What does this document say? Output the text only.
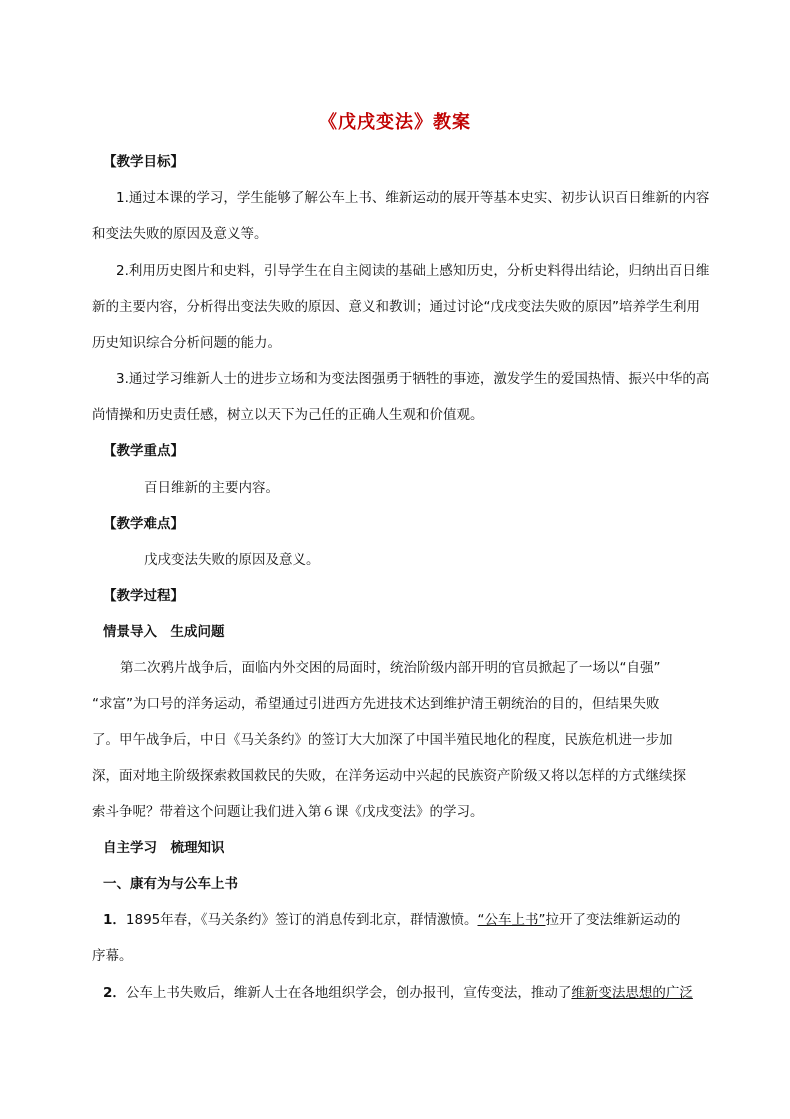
《戊戌变法》教案
【教学目标】
1.通过本课的学习，学生能够了解公车上书、维新运动的展开等基本史实、初步认识百日维新的内容
和变法失败的原因及意义等。
2.利用历史图片和史料，引导学生在自主阅读的基础上感知历史，分析史料得出结论，归纳出百日维
新的主要内容，分析得出变法失败的原因、意义和教训；通过讨论“戊戌变法失败的原因”培养学生利用
历史知识综合分析问题的能力。
3.通过学习维新人士的进步立场和为变法图强勇于牺牲的事迹，激发学生的爱国热情、振兴中华的高
尚情操和历史责任感，树立以天下为己任的正确人生观和价值观。
【教学重点】
百日维新的主要内容。
【教学难点】
戊戌变法失败的原因及意义。
【教学过程】
情景导入　生成问题
第二次鸦片战争后，面临内外交困的局面时，统治阶级内部开明的官员掀起了一场以“自强”
“求富”为口号的洋务运动，希望通过引进西方先进技术达到维护清王朝统治的目的，但结果失败
了。甲午战争后，中日《马关条约》的签订大大加深了中国半殖民地化的程度，民族危机进一步加
深，面对地主阶级探索救国救民的失败，在洋务运动中兴起的民族资产阶级又将以怎样的方式继续探
索斗争呢？带着这个问题让我们进入第６课《戊戌变法》的学习。
自主学习　梳理知识
一、康有为与公车上书
1．1895年春，《马关条约》签订的消息传到北京，群情激愤。“公车上书”拉开了变法维新运动的
序幕。
2．公车上书失败后，维新人士在各地组织学会，创办报刊，宣传变法，推动了维新变法思想的广泛
